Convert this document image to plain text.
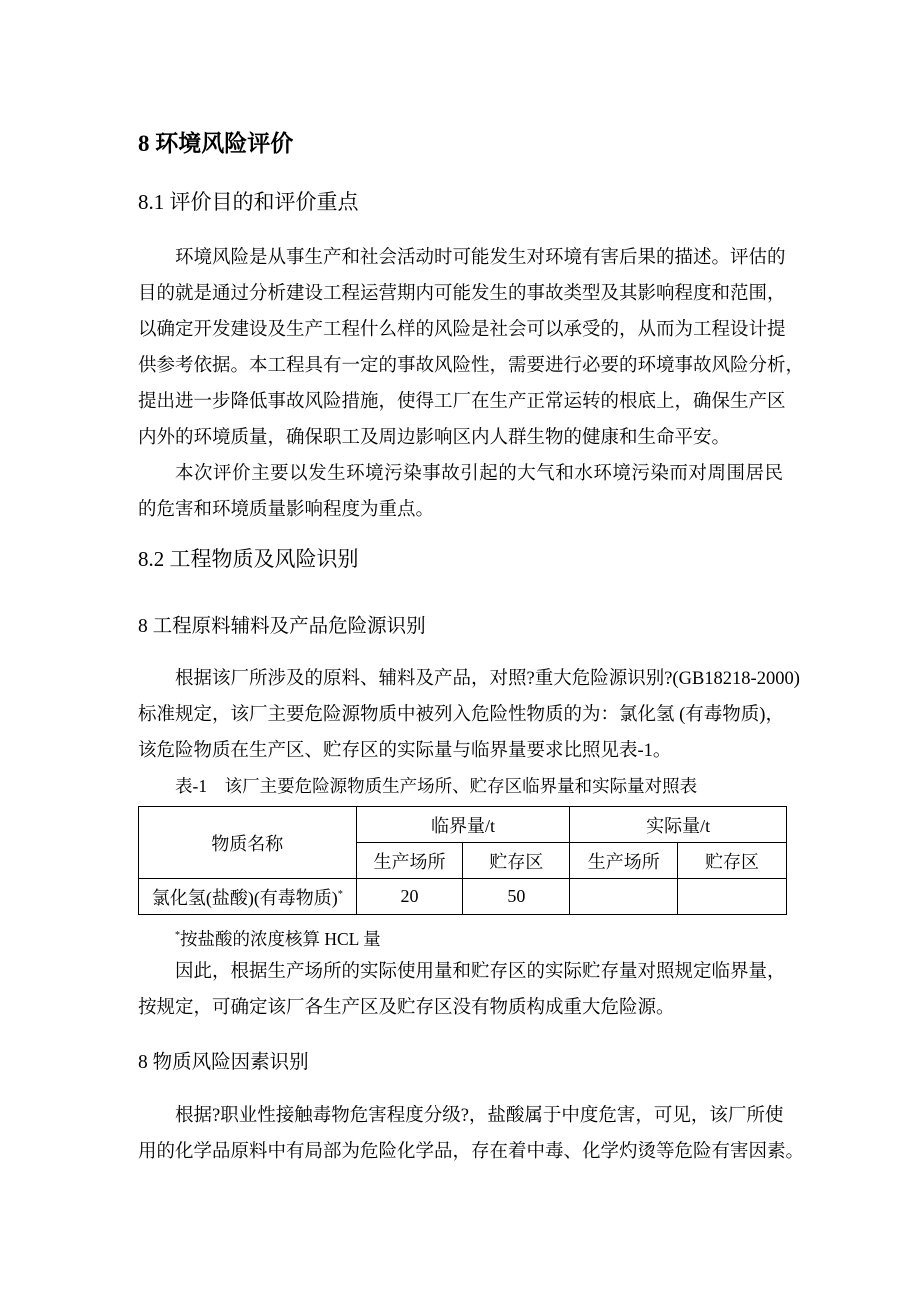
8 环境风险评价
8.1 评价目的和评价重点
环境风险是从事生产和社会活动时可能发生对环境有害后果的描述。评估的
目的就是通过分析建设工程运营期内可能发生的事故类型及其影响程度和范围，
以确定开发建设及生产工程什么样的风险是社会可以承受的，从而为工程设计提
供参考依据。本工程具有一定的事故风险性，需要进行必要的环境事故风险分析，
提出进一步降低事故风险措施，使得工厂在生产正常运转的根底上，确保生产区
内外的环境质量，确保职工及周边影响区内人群生物的健康和生命平安。
本次评价主要以发生环境污染事故引起的大气和水环境污染而对周围居民
的危害和环境质量影响程度为重点。
8.2 工程物质及风险识别
8 工程原料辅料及产品危险源识别
根据该厂所涉及的原料、辅料及产品，对照?重大危险源识别?(GB18218-2000)
标准规定，该厂主要危险源物质中被列入危险性物质的为：氯化氢 (有毒物质)，
该危险物质在生产区、贮存区的实际量与临界量要求比照见表-1。
表-1　该厂主要危险源物质生产场所、贮存区临界量和实际量对照表
物质名称	临界量/t		实际量/t	
	生产场所	贮存区	生产场所	贮存区
氯化氢(盐酸)(有毒物质)*	20	50		
*按盐酸的浓度核算 HCL 量
因此，根据生产场所的实际使用量和贮存区的实际贮存量对照规定临界量，
按规定，可确定该厂各生产区及贮存区没有物质构成重大危险源。
8 物质风险因素识别
根据?职业性接触毒物危害程度分级?，盐酸属于中度危害，可见，该厂所使
用的化学品原料中有局部为危险化学品，存在着中毒、化学灼烫等危险有害因素。
